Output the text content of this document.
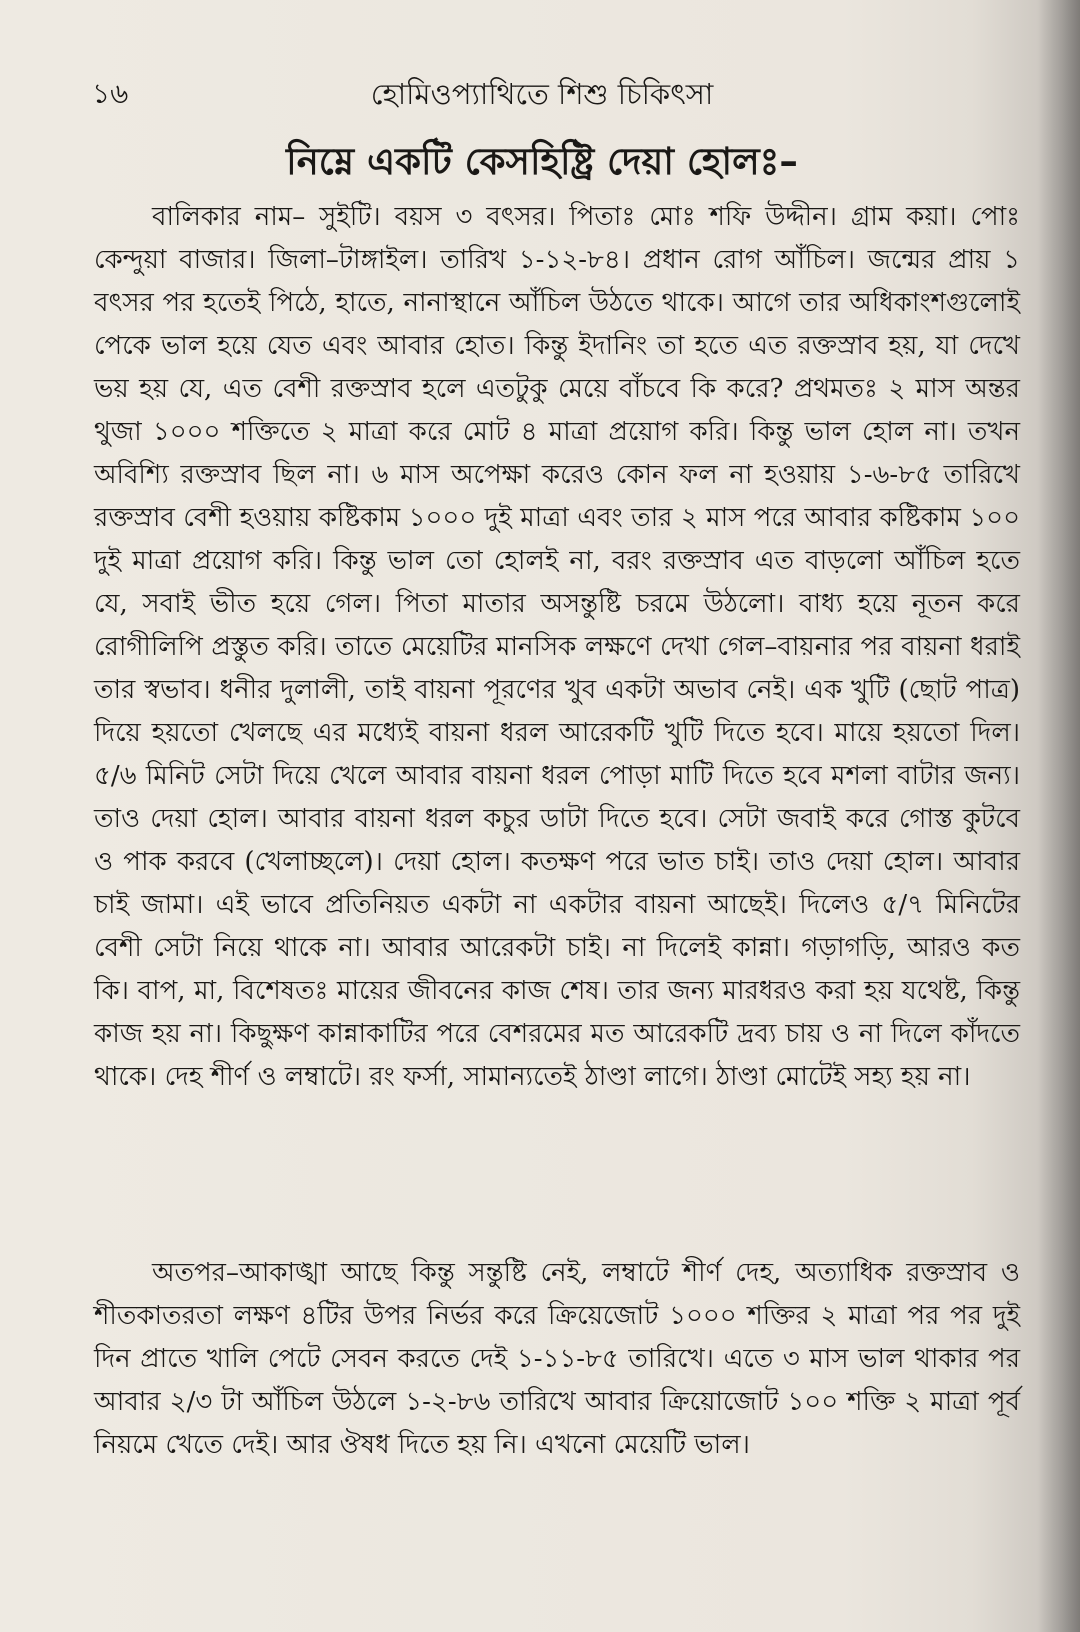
১৬	হোমিওপ্যাথিতে শিশু চিকিৎসা
নিম্নে একটি কেসহিষ্ট্রি দেয়া হোলঃ–

বালিকার নাম– সুইটি। বয়স ৩ বৎসর। পিতাঃ মোঃ শফি উদ্দীন। গ্রাম কয়া। পোঃ কেন্দুয়া বাজার। জিলা–টাঙ্গাইল। তারিখ ১-১২-৮৪। প্রধান রোগ আঁচিল। জন্মের প্রায় ১ বৎসর পর হতেই পিঠে, হাতে, নানাস্থানে আঁচিল উঠতে থাকে। আগে তার অধিকাংশগুলোই পেকে ভাল হয়ে যেত এবং আবার হোত। কিন্তু ইদানিং তা হতে এত রক্তস্রাব হয়, যা দেখে ভয় হয় যে, এত বেশী রক্তস্রাব হলে এতটুকু মেয়ে বাঁচবে কি করে? প্রথমতঃ ২ মাস অন্তর থুজা ১০০০ শক্তিতে ২ মাত্রা করে মোট ৪ মাত্রা প্রয়োগ করি। কিন্তু ভাল হোল না। তখন অবিশ্যি রক্তস্রাব ছিল না। ৬ মাস অপেক্ষা করেও কোন ফল না হওয়ায় ১-৬-৮৫ তারিখে রক্তস্রাব বেশী হওয়ায় কষ্টিকাম ১০০০ দুই মাত্রা এবং তার ২ মাস পরে আবার কষ্টিকাম ১০০ দুই মাত্রা প্রয়োগ করি। কিন্তু ভাল তো হোলই না, বরং রক্তস্রাব এত বাড়লো আঁচিল হতে যে, সবাই ভীত হয়ে গেল। পিতা মাতার অসন্তুষ্টি চরমে উঠলো। বাধ্য হয়ে নূতন করে রোগীলিপি প্রস্তুত করি। তাতে মেয়েটির মানসিক লক্ষণে দেখা গেল–বায়নার পর বায়না ধরাই তার স্বভাব। ধনীর দুলালী, তাই বায়না পূরণের খুব একটা অভাব নেই। এক খুটি (ছোট পাত্র) দিয়ে হয়তো খেলছে এর মধ্যেই বায়না ধরল আরেকটি খুটি দিতে হবে। মায়ে হয়তো দিল। ৫/৬ মিনিট সেটা দিয়ে খেলে আবার বায়না ধরল পোড়া মাটি দিতে হবে মশলা বাটার জন্য। তাও দেয়া হোল। আবার বায়না ধরল কচুর ডাটা দিতে হবে। সেটা জবাই করে গোস্ত কুটবে ও পাক করবে (খেলাচ্ছলে)। দেয়া হোল। কতক্ষণ পরে ভাত চাই। তাও দেয়া হোল। আবার চাই জামা। এই ভাবে প্রতিনিয়ত একটা না একটার বায়না আছেই। দিলেও ৫/৭ মিনিটের বেশী সেটা নিয়ে থাকে না। আবার আরেকটা চাই। না দিলেই কান্না। গড়াগড়ি, আরও কত কি। বাপ, মা, বিশেষতঃ মায়ের জীবনের কাজ শেষ। তার জন্য মারধরও করা হয় যথেষ্ট, কিন্তু কাজ হয় না। কিছুক্ষণ কান্নাকাটির পরে বেশরমের মত আরেকটি দ্রব্য চায় ও না দিলে কাঁদতে থাকে। দেহ শীর্ণ ও লম্বাটে। রং ফর্সা, সামান্যতেই ঠাণ্ডা লাগে। ঠাণ্ডা মোটেই সহ্য হয় না।

অতপর–আকাঙ্খা আছে কিন্তু সন্তুষ্টি নেই, লম্বাটে শীর্ণ দেহ, অত্যাধিক রক্তস্রাব ও শীতকাতরতা লক্ষণ ৪টির উপর নির্ভর করে ক্রিয়েজোট ১০০০ শক্তির ২ মাত্রা পর পর দুই দিন প্রাতে খালি পেটে সেবন করতে দেই ১-১১-৮৫ তারিখে। এতে ৩ মাস ভাল থাকার পর আবার ২/৩ টা আঁচিল উঠলে ১-২-৮৬ তারিখে আবার ক্রিয়োজোট ১০০ শক্তি ২ মাত্রা পূর্ব নিয়মে খেতে দেই। আর ঔষধ দিতে হয় নি। এখনো মেয়েটি ভাল।
